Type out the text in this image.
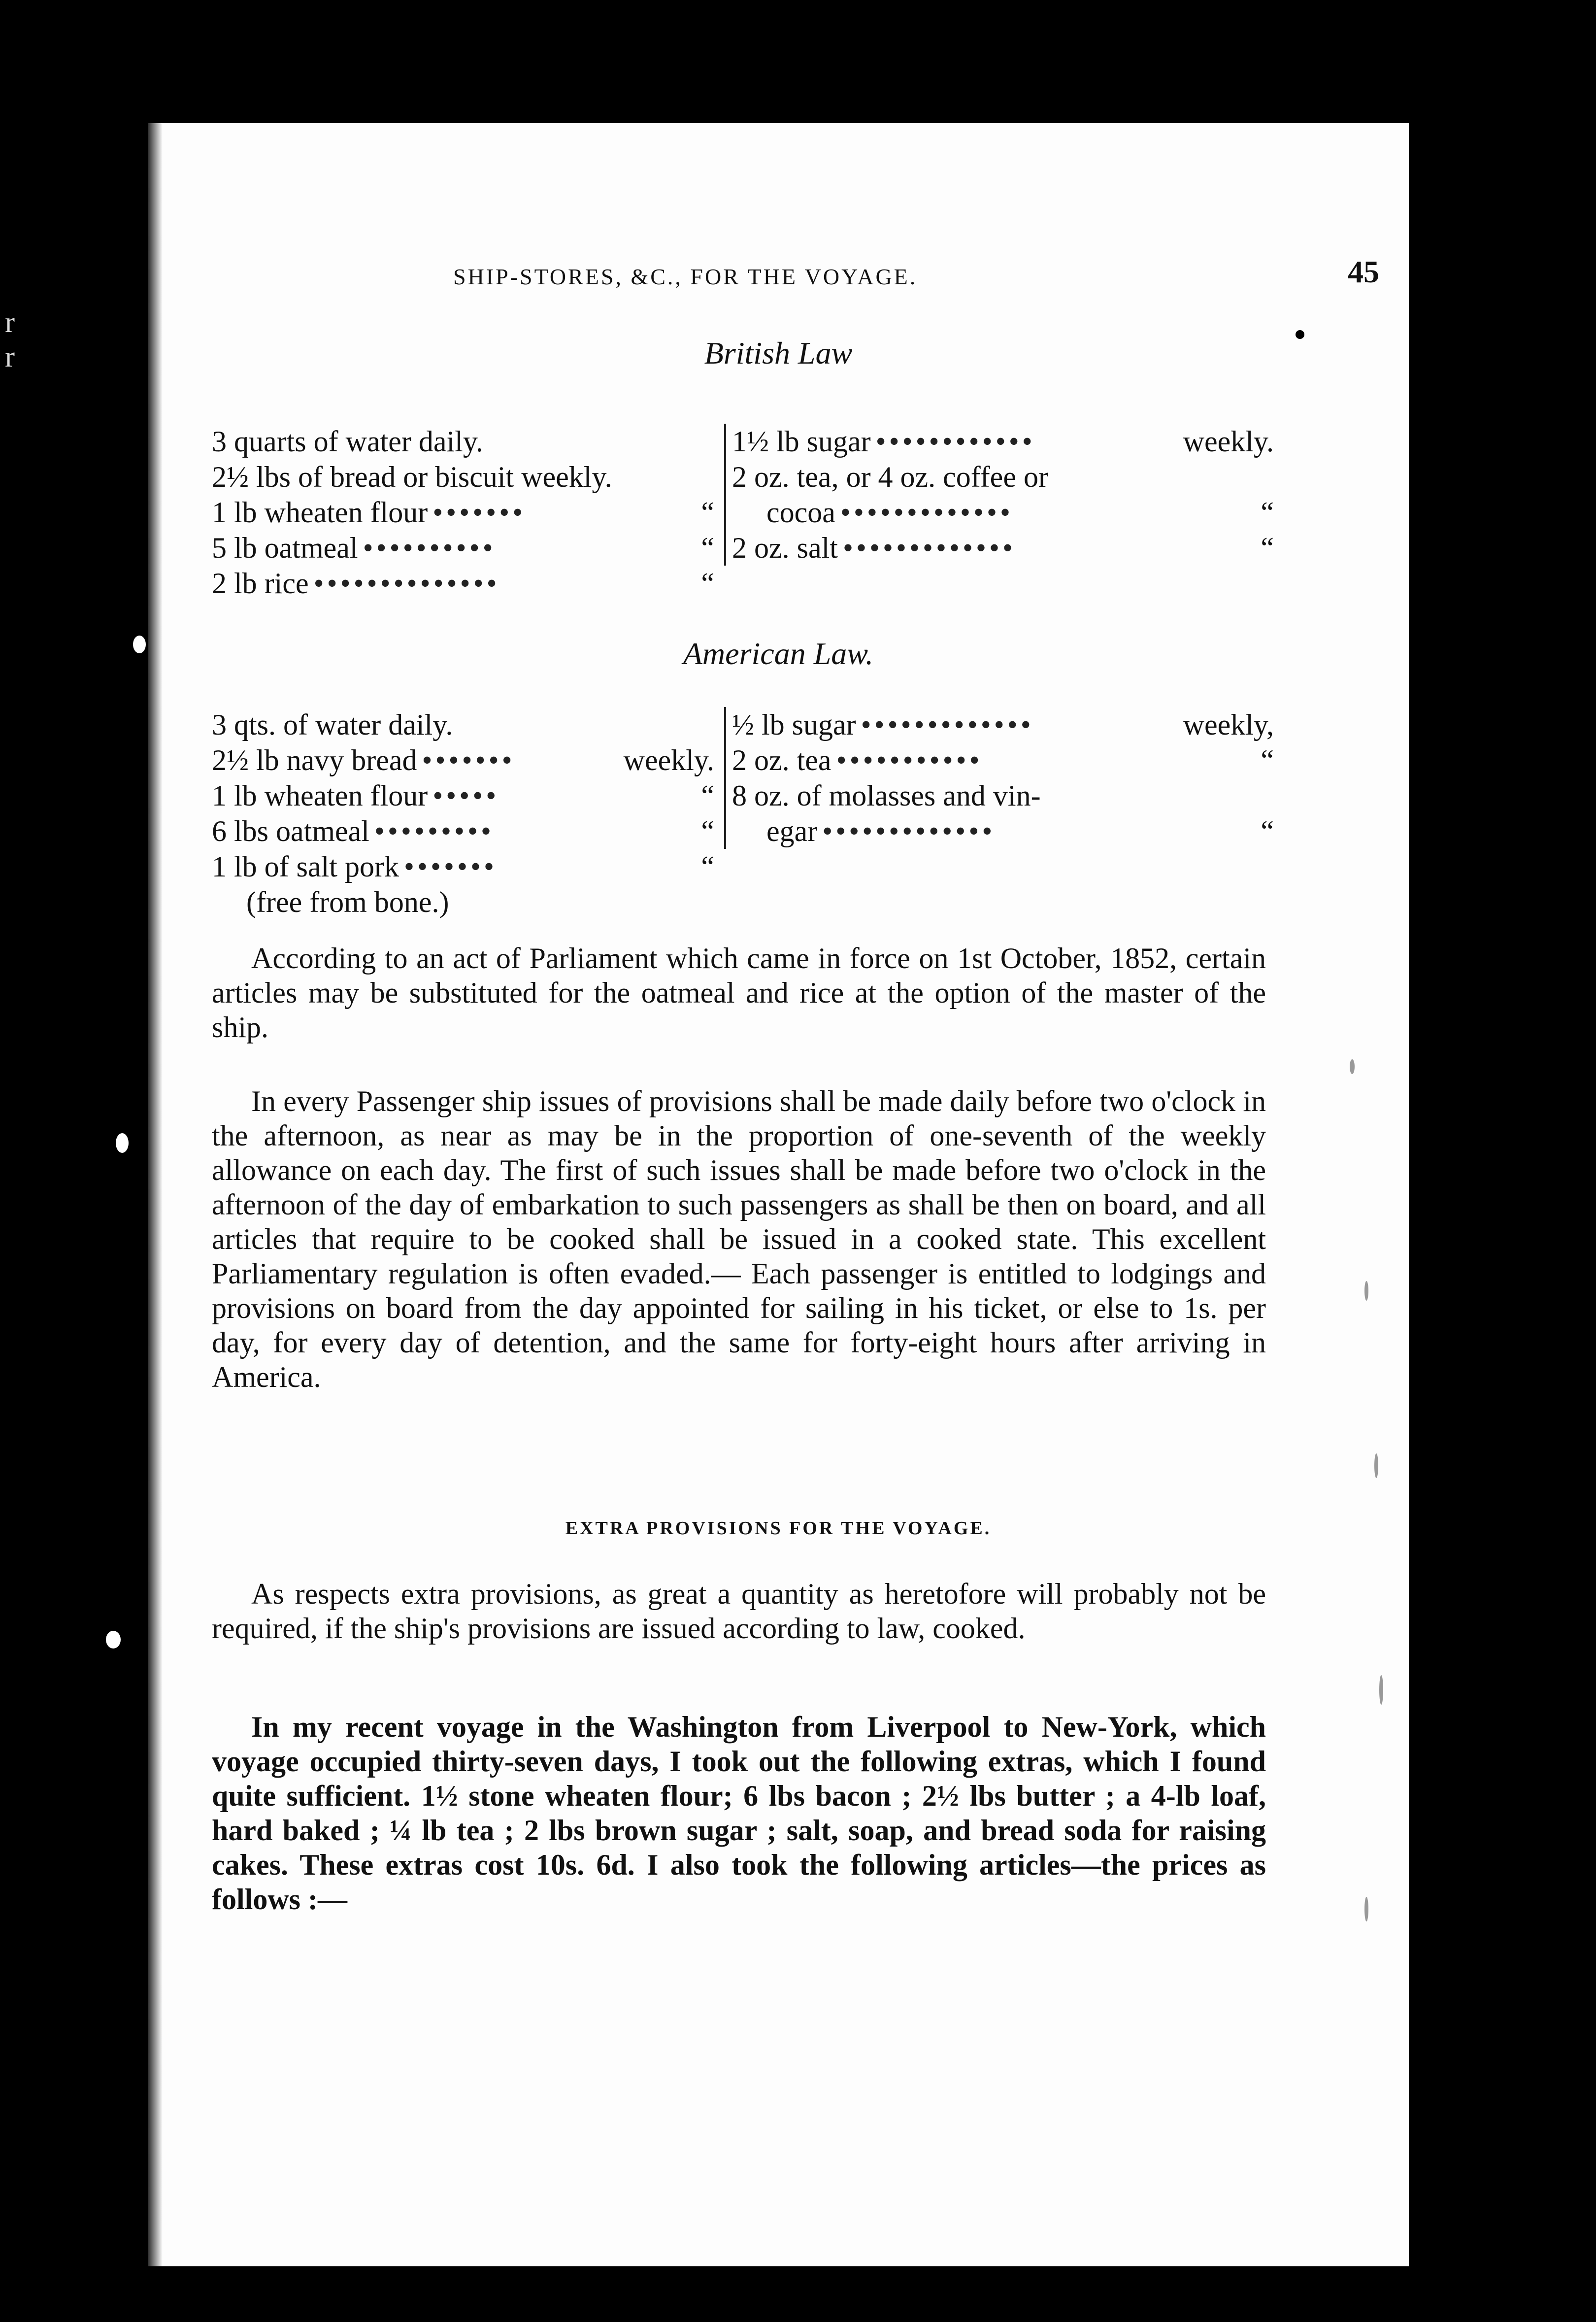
r
r
SHIP-STORES, &C., FOR THE VOYAGE.	45
British Law
3 quarts of water daily.
2½ lbs of bread or biscuit weekly.
1 lb wheaten flour •••••••	“
5 lb oatmeal ••••••••••	“
2 lb rice ••••••••••••••	“
1½ lb sugar ••••••••••••	weekly.
2 oz. tea, or 4 oz. coffee or
cocoa •••••••••••••	“
2 oz. salt •••••••••••••	“
American Law.
3 qts. of water daily.
2½ lb navy bread •••••••	weekly.
1 lb wheaten flour •••••	“
6 lbs oatmeal •••••••••	“
1 lb of salt pork •••••••	“
(free from bone.)
½ lb sugar •••••••••••••	weekly,
2 oz. tea •••••••••••	“
8 oz. of molasses and vin-
egar •••••••••••••	“

According to an act of Parliament which came in force on 1st October, 1852, certain articles may be substituted for the oatmeal and rice at the option of the master of the ship.

In every Passenger ship issues of provisions shall be made daily before two o'clock in the afternoon, as near as may be in the proportion of one-seventh of the weekly allowance on each day. The first of such issues shall be made before two o'clock in the afternoon of the day of embarkation to such passengers as shall be then on board, and all articles that require to be cooked shall be issued in a cooked state. This excellent Parliamentary regulation is often evaded.— Each passenger is entitled to lodgings and provisions on board from the day appointed for sailing in his ticket, or else to 1s. per day, for every day of detention, and the same for forty-eight hours after arriving in America.

EXTRA PROVISIONS FOR THE VOYAGE.

As respects extra provisions, as great a quantity as heretofore will probably not be required, if the ship's provisions are issued according to law, cooked.

In my recent voyage in the Washington from Liverpool to New-York, which voyage occupied thirty-seven days, I took out the following extras, which I found quite sufficient. 1½ stone wheaten flour; 6 lbs bacon ; 2½ lbs butter ; a 4-lb loaf, hard baked ; ¼ lb tea ; 2 lbs brown sugar ; salt, soap, and bread soda for raising cakes. These extras cost 10s. 6d. I also took the following articles—the prices as follows :—
